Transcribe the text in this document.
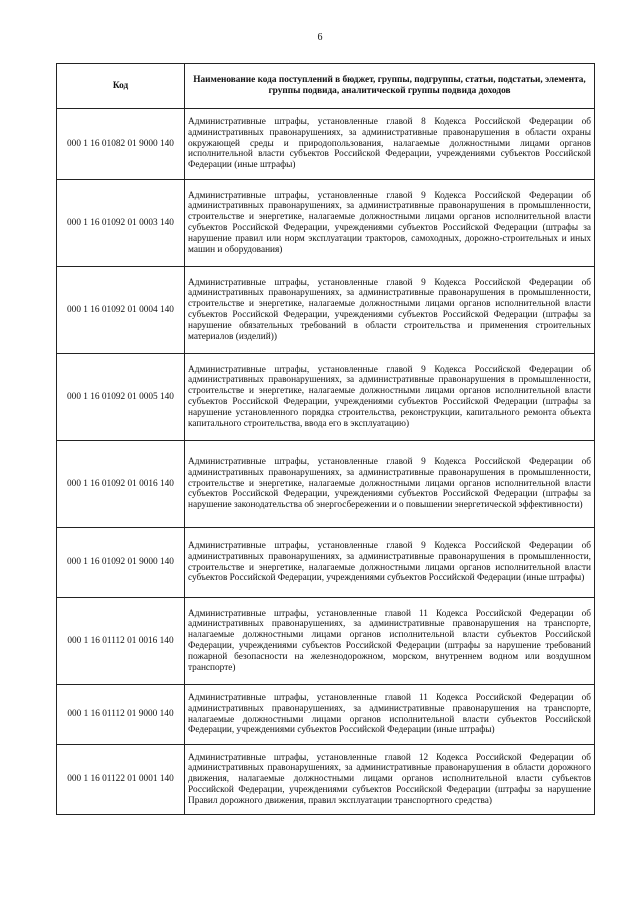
6
Код	Наименование кода поступлений в бюджет, группы, подгруппы, статьи, подстатьи, элемента, группы подвида, аналитической группы подвида доходов
000 1 16 01082 01 9000 140	Административные штрафы, установленные главой 8 Кодекса Российской Федерации об административных правонарушениях, за административные правонарушения в области охраны окружающей среды и природопользования, налагаемые должностными лицами органов исполнительной власти субъектов Российской Федерации, учреждениями субъектов Российской Федерации (иные штрафы)
000 1 16 01092 01 0003 140	Административные штрафы, установленные главой 9 Кодекса Российской Федерации об административных правонарушениях, за административные правонарушения в промышленности, строительстве и энергетике, налагаемые должностными лицами органов исполнительной власти субъектов Российской Федерации, учреждениями субъектов Российской Федерации (штрафы за нарушение правил или норм эксплуатации тракторов, самоходных, дорожно-строительных и иных машин и оборудования)
000 1 16 01092 01 0004 140	Административные штрафы, установленные главой 9 Кодекса Российской Федерации об административных правонарушениях, за административные правонарушения в промышленности, строительстве и энергетике, налагаемые должностными лицами органов исполнительной власти субъектов Российской Федерации, учреждениями субъектов Российской Федерации (штрафы за нарушение обязательных требований в области строительства и применения строительных материалов (изделий))
000 1 16 01092 01 0005 140	Административные штрафы, установленные главой 9 Кодекса Российской Федерации об административных правонарушениях, за административные правонарушения в промышленности, строительстве и энергетике, налагаемые должностными лицами органов исполнительной власти субъектов Российской Федерации, учреждениями субъектов Российской Федерации (штрафы за нарушение установленного порядка строительства, реконструкции, капитального ремонта объекта капитального строительства, ввода его в эксплуатацию)
000 1 16 01092 01 0016 140	Административные штрафы, установленные главой 9 Кодекса Российской Федерации об административных правонарушениях, за административные правонарушения в промышленности, строительстве и энергетике, налагаемые должностными лицами органов исполнительной власти субъектов Российской Федерации, учреждениями субъектов Российской Федерации (штрафы за нарушение законодательства об энергосбережении и о повышении энергетической эффективности)
000 1 16 01092 01 9000 140	Административные штрафы, установленные главой 9 Кодекса Российской Федерации об административных правонарушениях, за административные правонарушения в промышленности, строительстве и энергетике, налагаемые должностными лицами органов исполнительной власти субъектов Российской Федерации, учреждениями субъектов Российской Федерации (иные штрафы)
000 1 16 01112 01 0016 140	Административные штрафы, установленные главой 11 Кодекса Российской Федерации об административных правонарушениях, за административные правонарушения на транспорте, налагаемые должностными лицами органов исполнительной власти субъектов Российской Федерации, учреждениями субъектов Российской Федерации (штрафы за нарушение требований пожарной безопасности на железнодорожном, морском, внутреннем водном или воздушном транспорте)
000 1 16 01112 01 9000 140	Административные штрафы, установленные главой 11 Кодекса Российской Федерации об административных правонарушениях, за административные правонарушения на транспорте, налагаемые должностными лицами органов исполнительной власти субъектов Российской Федерации, учреждениями субъектов Российской Федерации (иные штрафы)
000 1 16 01122 01 0001 140	Административные штрафы, установленные главой 12 Кодекса Российской Федерации об административных правонарушениях, за административные правонарушения в области дорожного движения, налагаемые должностными лицами органов исполнительной власти субъектов Российской Федерации, учреждениями субъектов Российской Федерации (штрафы за нарушение Правил дорожного движения, правил эксплуатации транспортного средства)
